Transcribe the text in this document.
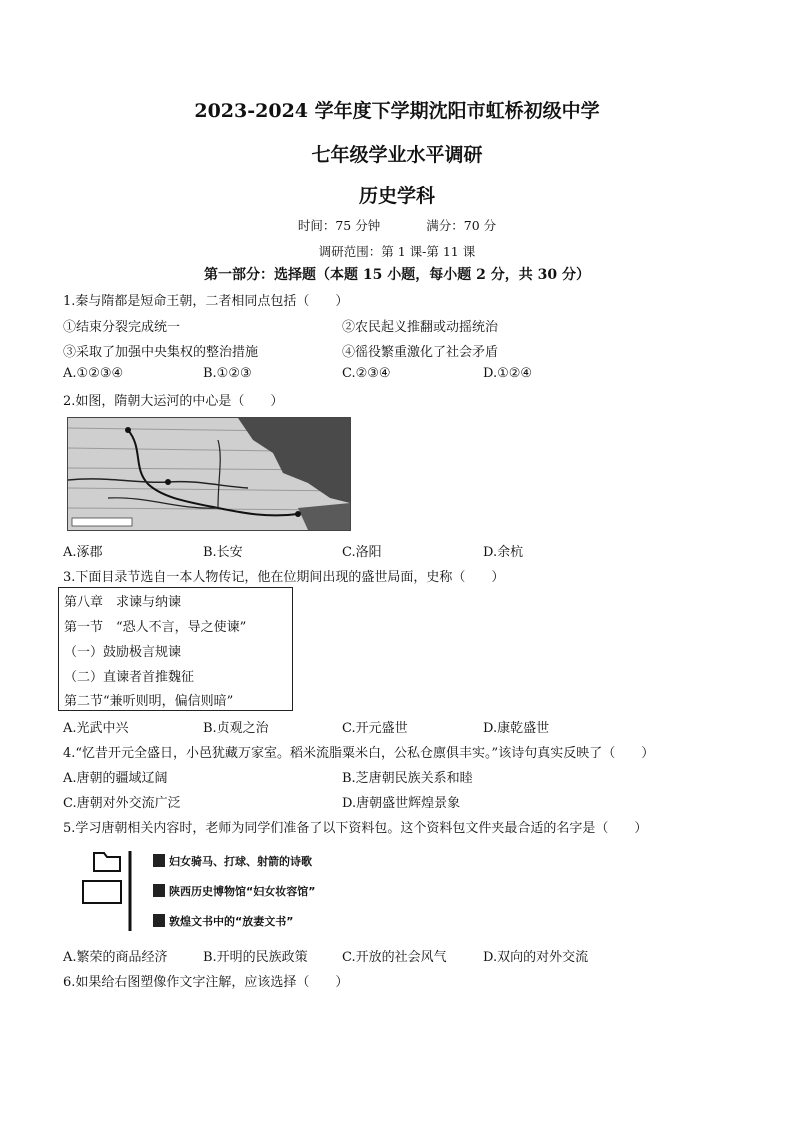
2023-2024 学年度下学期沈阳市虹桥初级中学
七年级学业水平调研
历史学科
时间：75 分钟	满分：70 分
调研范围：第 1 课-第 11 课
第一部分：选择题（本题 15 小题，每小题 2 分，共 30 分）
1.秦与隋都是短命王朝，二者相同点包括（　　）
①结束分裂完成统一	②农民起义推翻或动摇统治
③采取了加强中央集权的整治措施	④徭役繁重激化了社会矛盾
A.①②③④	B.①②③	C.②③④	D.①②④
2.如图，隋朝大运河的中心是（　　）
A.涿郡	B.长安	C.洛阳	D.余杭
3.下面目录节选自一本人物传记，他在位期间出现的盛世局面，史称（　　）
第八章　求谏与纳谏
第一节　“恐人不言，导之使谏”
（一）鼓励极言规谏
（二）直谏者首推魏征
第二节“兼听则明，偏信则暗”
A.光武中兴	B.贞观之治	C.开元盛世	D.康乾盛世
4.“忆昔开元全盛日，小邑犹藏万家室。稻米流脂粟米白，公私仓廪俱丰实。”该诗句真实反映了（　　）
A.唐朝的疆域辽阔	B.芝唐朝民族关系和睦
C.唐朝对外交流广泛	D.唐朝盛世辉煌景象
5.学习唐朝相关内容时，老师为同学们准备了以下资料包。这个资料包文件夹最合适的名字是（　　）
妇女骑马、打球、射箭的诗歌
陕西历史博物馆“妇女妆容馆”
敦煌文书中的“放妻文书”
A.繁荣的商品经济	B.开明的民族政策	C.开放的社会风气	D.双向的对外交流
6.如果给右图塑像作文字注解，应该选择（　　）
